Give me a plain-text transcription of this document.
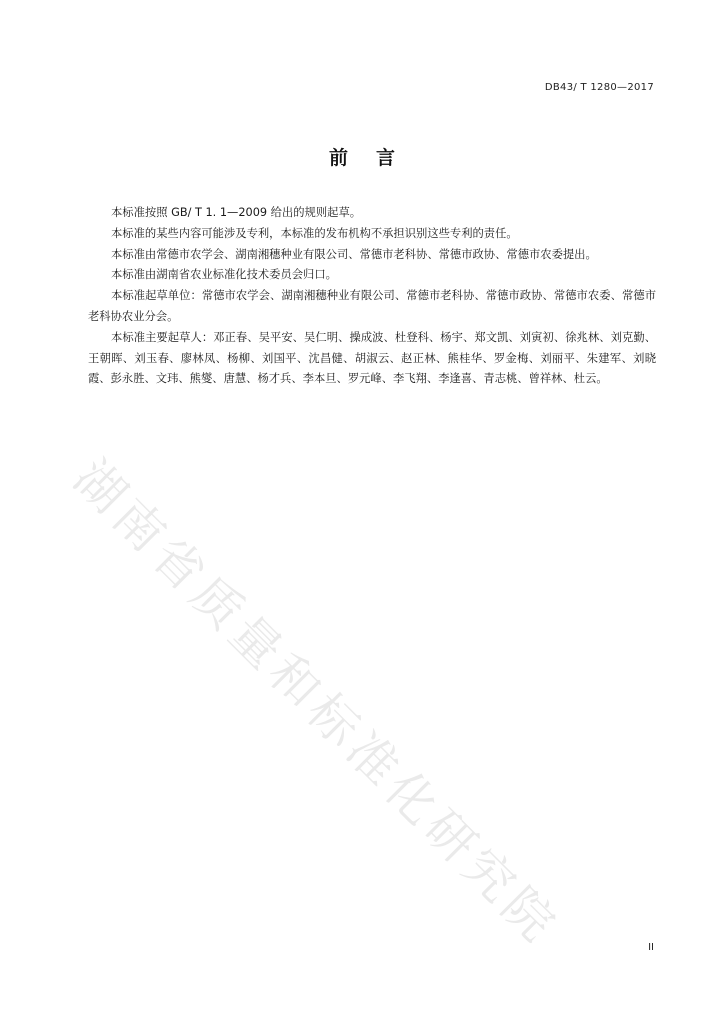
DB43/ T 1280—2017
前言

本标准按照 GB/ T 1. 1—2009 给出的规则起草。

本标准的某些内容可能涉及专利，本标准的发布机构不承担识别这些专利的责任。

本标准由常德市农学会、湖南湘穗种业有限公司、常德市老科协、常德市政协、常德市农委提出。

本标准由湖南省农业标准化技术委员会归口。

本标准起草单位：常德市农学会、湖南湘穗种业有限公司、常德市老科协、常德市政协、常德市农委、常德市老科协农业分会。

本标准主要起草人：邓正春、吴平安、吴仁明、操成波、杜登科、杨宇、郑文凯、刘寅初、徐兆林、刘克勤、王朝晖、刘玉春、廖林凤、杨柳、刘国平、沈昌健、胡淑云、赵正林、熊桂华、罗金梅、刘丽平、朱建军、刘晓霞、彭永胜、文玮、熊燮、唐慧、杨才兵、李本旦、罗元峰、李飞翔、李逢喜、青志桃、曾祥林、杜云。

湖南省质量和标准化研究院	II
